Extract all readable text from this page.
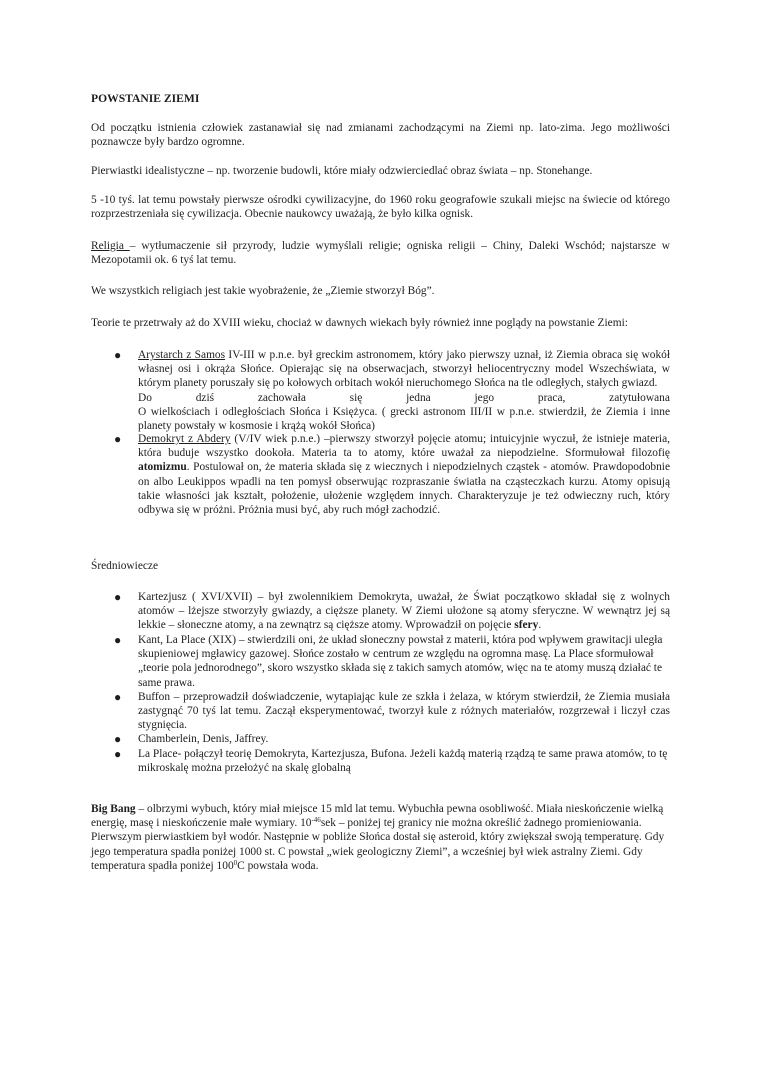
POWSTANIE ZIEMI

Od początku istnienia człowiek zastanawiał się nad zmianami zachodzącymi na Ziemi np. lato-zima. Jego możliwości poznawcze były bardzo ogromne.

Pierwiastki idealistyczne – np. tworzenie budowli, które miały odzwierciedlać obraz świata – np. Stonehange.

5 -10 tyś. lat temu powstały pierwsze ośrodki cywilizacyjne, do 1960 roku geografowie szukali miejsc na świecie od którego rozprzestrzeniała się cywilizacja. Obecnie naukowcy uważają, że było kilka ognisk.

Religia – wytłumaczenie sił przyrody, ludzie wymyślali religie; ogniska religii – Chiny, Daleki Wschód; najstarsze w Mezopotamii ok. 6 tyś lat temu.

We wszystkich religiach jest takie wyobrażenie, że „Ziemie stworzył Bóg”.

Teorie te przetrwały aż do XVIII wieku, chociaż w dawnych wiekach były również inne poglądy na powstanie Ziemi:

● Arystarch z Samos IV-III w p.n.e. był greckim astronomem, który jako pierwszy uznał, iż Ziemia obraca się wokół własnej osi i okrąża Słońce. Opierając się na obserwacjach, stworzył heliocentryczny model Wszechświata, w którym planety poruszały się po kołowych orbitach wokół nieruchomego Słońca na tle odległych, stałych gwiazd.

Do	dziś	zachowała	się	jedna	jego	praca,	zatytułowana
O wielkościach i odległościach Słońca i Księżyca. ( grecki astronom III/II w p.n.e. stwierdził, że Ziemia i inne planety powstały w kosmosie i krążą wokół Słońca)

● Demokryt z Abdery (V/IV wiek p.n.e.) –pierwszy stworzył pojęcie atomu; intuicyjnie wyczuł, że istnieje materia, która buduje wszystko dookoła. Materia ta to atomy, które uważał za niepodzielne. Sformułował filozofię atomizmu. Postulował on, że materia składa się z wiecznych i niepodzielnych cząstek - atomów. Prawdopodobnie on albo Leukippos wpadli na ten pomysł obserwując rozpraszanie światła na cząsteczkach kurzu. Atomy opisują takie własności jak kształt, położenie, ułożenie względem innych. Charakteryzuje je też odwieczny ruch, który odbywa się w próżni. Próżnia musi być, aby ruch mógł zachodzić.

Średniowiecze

● Kartezjusz ( XVI/XVII) – był zwolennikiem Demokryta, uważał, że Świat początkowo składał się z wolnych atomów – lżejsze stworzyły gwiazdy, a cięższe planety. W Ziemi ułożone są atomy sferyczne. W wewnątrz jej są lekkie – słoneczne atomy, a na zewnątrz są cięższe atomy. Wprowadził on pojęcie sfery.

● Kant, La Place (XIX) – stwierdzili oni, że układ słoneczny powstał z materii, która pod wpływem grawitacji uległa skupieniowej mgławicy gazowej. Słońce zostało w centrum ze względu na ogromna masę. La Place sformułował „teorie pola jednorodnego”, skoro wszystko składa się z takich samych atomów, więc na te atomy muszą działać te same prawa.

● Buffon – przeprowadził doświadczenie, wytapiając kule ze szkła i żelaza, w którym stwierdził, że Ziemia musiała zastygnąć 70 tyś lat temu. Zaczął eksperymentować, tworzył kule z różnych materiałów, rozgrzewał i liczył czas stygnięcia.

● Chamberlein, Denis, Jaffrey.

● La Place- połączył teorię Demokryta, Kartezjusza, Bufona. Jeżeli każdą materią rządzą te same prawa atomów, to tę mikroskalę można przełożyć na skalę globalną

Big Bang – olbrzymi wybuch, który miał miejsce 15 mld lat temu. Wybuchła pewna osobliwość. Miała nieskończenie wielką energię, masę i nieskończenie małe wymiary. $10^{-46}sek$ – poniżej tej granicy nie można określić żadnego promieniowania. Pierwszym pierwiastkiem był wodór. Następnie w pobliże Słońca dostał się asteroid, który zwiększał swoją temperaturę. Gdy jego temperatura spadła poniżej 1000 st. C powstał „wiek geologiczny Ziemi”, a wcześniej był wiek astralny Ziemi. Gdy temperatura spadła poniżej $100^0C$ powstała woda.
